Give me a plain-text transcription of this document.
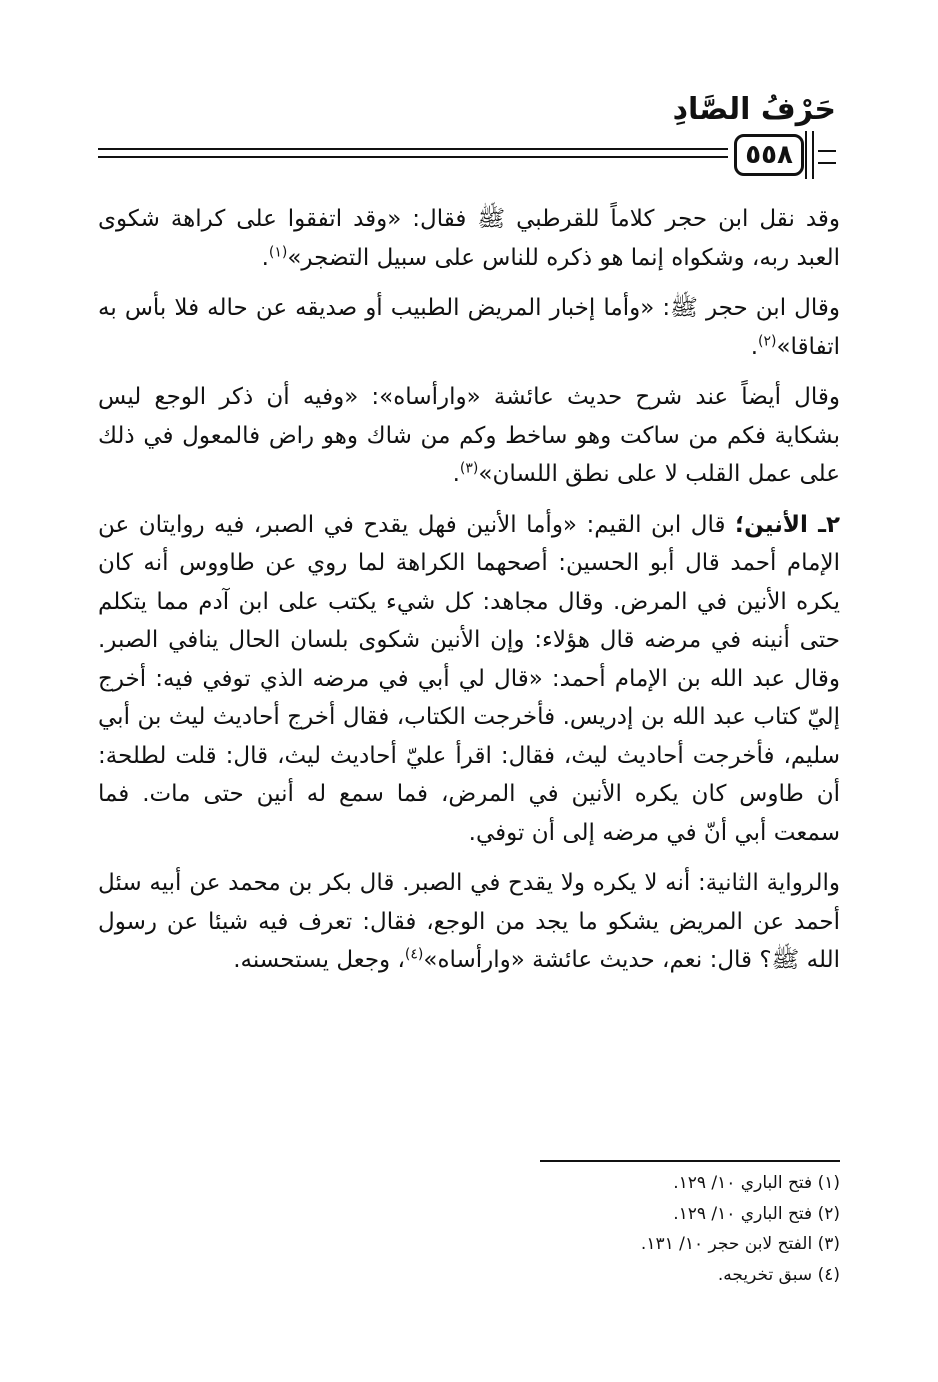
حَرْفُ الصَّادِ
٥٥٨

وقد نقل ابن حجر كلاماً للقرطبي ﷺ فقال: «وقد اتفقوا على كراهة شكوى العبد ربه، وشكواه إنما هو ذكره للناس على سبيل التضجر»$^{(١)}$.

وقال ابن حجر ﷺ: «وأما إخبار المريض الطبيب أو صديقه عن حاله فلا بأس به اتفاقا»$^{(٢)}$.

وقال أيضاً عند شرح حديث عائشة «وارأساه»: «وفيه أن ذكر الوجع ليس بشكاية فكم من ساكت وهو ساخط وكم من شاك وهو راض فالمعول في ذلك على عمل القلب لا على نطق اللسان»$^{(٣)}$.

٢ـ الأنين؛ قال ابن القيم: «وأما الأنين فهل يقدح في الصبر، فيه روايتان عن الإمام أحمد قال أبو الحسين: أصحهما الكراهة لما روي عن طاووس أنه كان يكره الأنين في المرض. وقال مجاهد: كل شيء يكتب على ابن آدم مما يتكلم حتى أنينه في مرضه قال هؤلاء: وإن الأنين شكوى بلسان الحال ينافي الصبر. وقال عبد الله بن الإمام أحمد: «قال لي أبي في مرضه الذي توفي فيه: أخرج إليّ كتاب عبد الله بن إدريس. فأخرجت الكتاب، فقال أخرج أحاديث ليث بن أبي سليم، فأخرجت أحاديث ليث، فقال: اقرأ عليّ أحاديث ليث، قال: قلت لطلحة: أن طاوس كان يكره الأنين في المرض، فما سمع له أنين حتى مات. فما سمعت أبي أنّ في مرضه إلى أن توفي.

والرواية الثانية: أنه لا يكره ولا يقدح في الصبر. قال بكر بن محمد عن أبيه سئل أحمد عن المريض يشكو ما يجد من الوجع، فقال: تعرف فيه شيئا عن رسول الله ﷺ؟ قال: نعم، حديث عائشة «وارأساه»$^{(٤)}$، وجعل يستحسنه.

(١) فتح الباري ١٠/ ١٢٩.
(٢) فتح الباري ١٠/ ١٢٩.
(٣) الفتح لابن حجر ١٠/ ١٣١.
(٤) سبق تخريجه.
